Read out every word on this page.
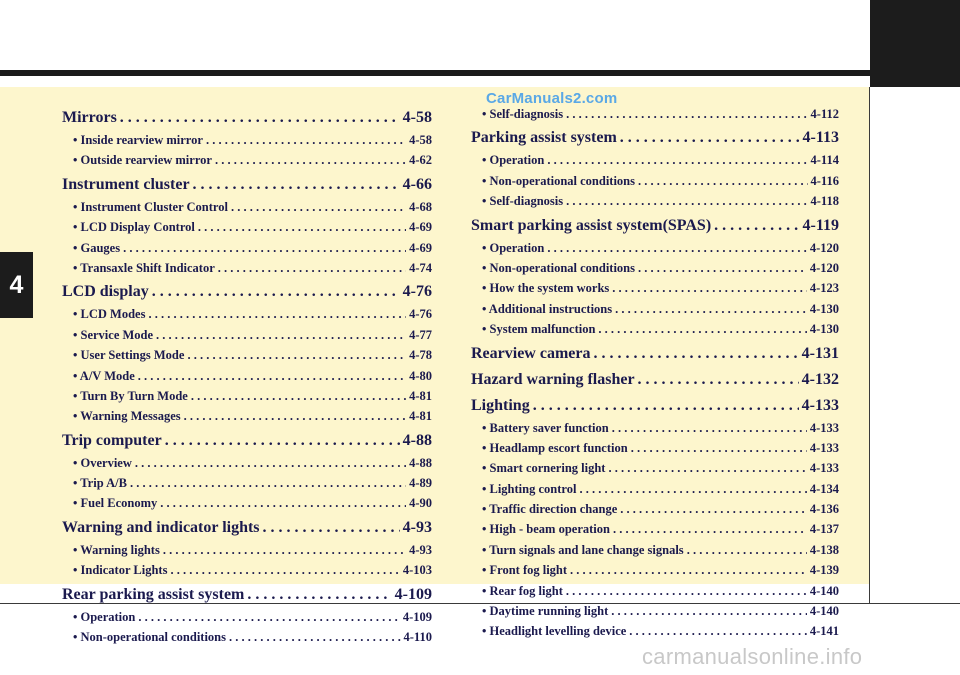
4
CarManuals2.com
carmanualsonline.info
Mirrors . . .	4-58
• Inside rearview mirror . . .	4-58
• Outside rearview mirror . . .	4-62
Instrument cluster . . .	4-66
• Instrument Cluster Control . . .	4-68
• LCD Display Control . . .	4-69
• Gauges . . .	4-69
• Transaxle Shift Indicator . . .	4-74
LCD display . . .	4-76
• LCD Modes . . .	4-76
• Service Mode . . .	4-77
• User Settings Mode . . .	4-78
• A/V Mode . . .	4-80
• Turn By Turn Mode . . .	4-81
• Warning Messages . . .	4-81
Trip computer . . .	4-88
• Overview . . .	4-88
• Trip A/B . . .	4-89
• Fuel Economy . . .	4-90
Warning and indicator lights . . .	4-93
• Warning lights . . .	4-93
• Indicator Lights . . .	4-103
Rear parking assist system . . .	4-109
• Operation . . .	4-109
• Non-operational conditions . . .	4-110
• Self-diagnosis . . .	4-112
Parking assist system . . .	4-113
• Operation . . .	4-114
• Non-operational conditions . . .	4-116
• Self-diagnosis . . .	4-118
Smart parking assist system(SPAS) . . .	4-119
• Operation . . .	4-120
• Non-operational conditions . . .	4-120
• How the system works . . .	4-123
• Additional instructions . . .	4-130
• System malfunction . . .	4-130
Rearview camera . . .	4-131
Hazard warning flasher . . .	4-132
Lighting . . .	4-133
• Battery saver function . . .	4-133
• Headlamp escort function . . .	4-133
• Smart cornering light . . .	4-133
• Lighting control . . .	4-134
• Traffic direction change . . .	4-136
• High - beam operation . . .	4-137
• Turn signals and lane change signals . . .	4-138
• Front fog light . . .	4-139
• Rear fog light . . .	4-140
• Daytime running light . . .	4-140
• Headlight levelling device . . .	4-141
